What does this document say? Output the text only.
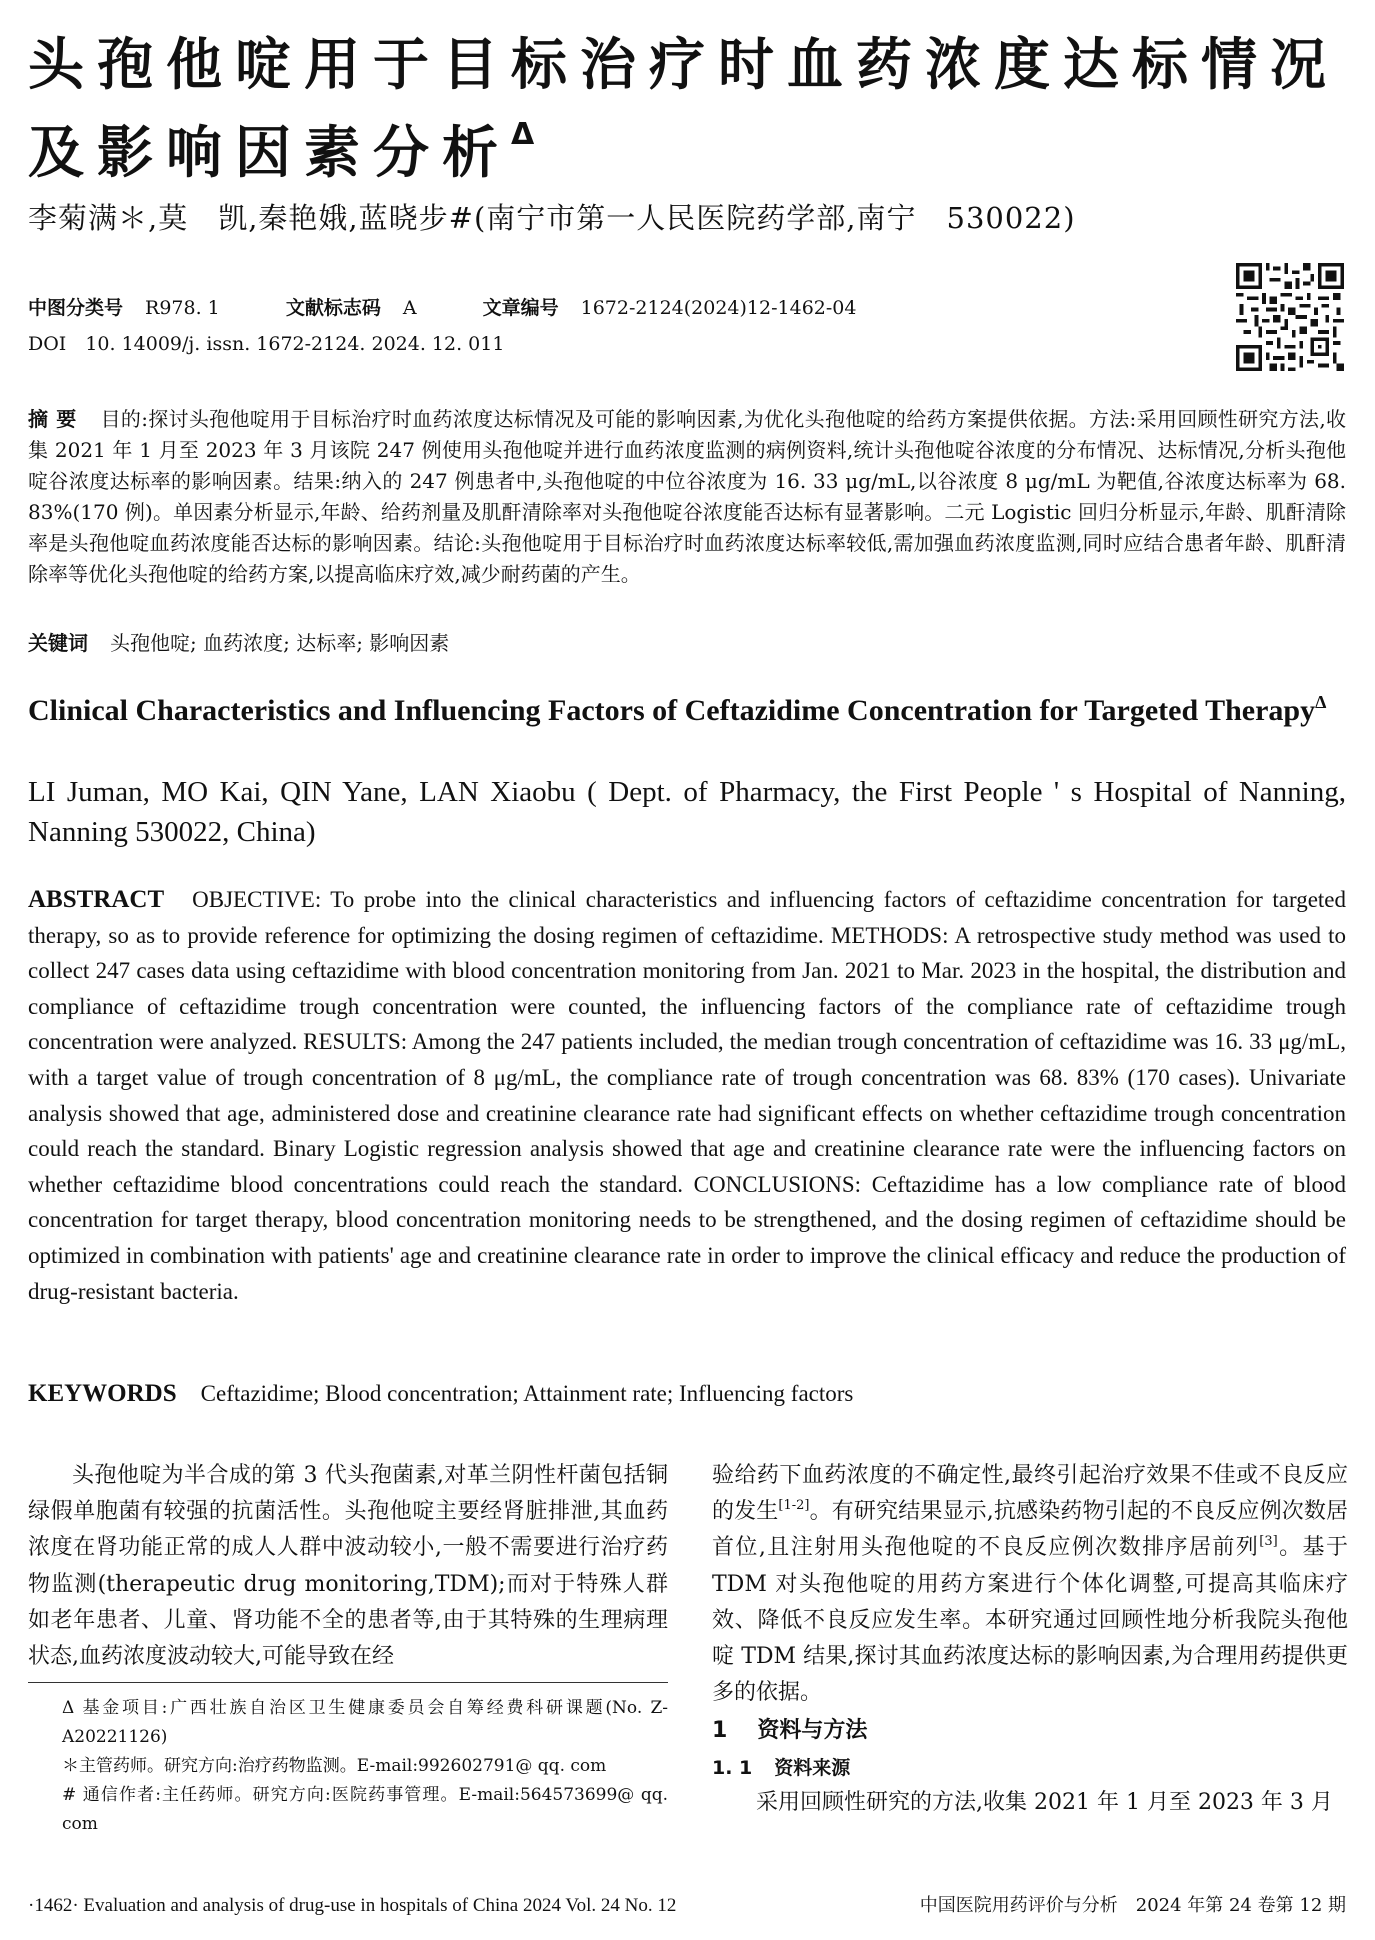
头孢他啶用于目标治疗时血药浓度达标情况
及影响因素分析$^\Delta$
李菊满＊,莫　凯,秦艳娥,蓝晓步#(南宁市第一人民医院药学部,南宁　530022)
中图分类号 R978. 1	文献标志码 A	文章编号 1672-2124(2024)12-1462-04
DOI　10. 14009/j. issn. 1672-2124. 2024. 12. 011

摘要 目的:探讨头孢他啶用于目标治疗时血药浓度达标情况及可能的影响因素,为优化头孢他啶的给药方案提供依据。方法:采用回顾性研究方法,收集 2021 年 1 月至 2023 年 3 月该院 247 例使用头孢他啶并进行血药浓度监测的病例资料,统计头孢他啶谷浓度的分布情况、达标情况,分析头孢他啶谷浓度达标率的影响因素。结果:纳入的 247 例患者中,头孢他啶的中位谷浓度为 16. 33 μg/mL,以谷浓度 8 μg/mL 为靶值,谷浓度达标率为 68. 83%(170 例)。单因素分析显示,年龄、给药剂量及肌酐清除率对头孢他啶谷浓度能否达标有显著影响。二元 Logistic 回归分析显示,年龄、肌酐清除率是头孢他啶血药浓度能否达标的影响因素。结论:头孢他啶用于目标治疗时血药浓度达标率较低,需加强血药浓度监测,同时应结合患者年龄、肌酐清除率等优化头孢他啶的给药方案,以提高临床疗效,减少耐药菌的产生。

关键词 头孢他啶; 血药浓度; 达标率; 影响因素
Clinical Characteristics and Influencing Factors of Ceftazidime Concentration for Targeted Therapy$^\Delta$

LI Juman, MO Kai, QIN Yane, LAN Xiaobu ( Dept. of Pharmacy, the First People ' s Hospital of Nanning, Nanning 530022, China)

ABSTRACT OBJECTIVE: To probe into the clinical characteristics and influencing factors of ceftazidime concentration for targeted therapy, so as to provide reference for optimizing the dosing regimen of ceftazidime. METHODS: A retrospective study method was used to collect 247 cases data using ceftazidime with blood concentration monitoring from Jan. 2021 to Mar. 2023 in the hospital, the distribution and compliance of ceftazidime trough concentration were counted, the influencing factors of the compliance rate of ceftazidime trough concentration were analyzed. RESULTS: Among the 247 patients included, the median trough concentration of ceftazidime was 16. 33 μg/mL, with a target value of trough concentration of 8 μg/mL, the compliance rate of trough concentration was 68. 83% (170 cases). Univariate analysis showed that age, administered dose and creatinine clearance rate had significant effects on whether ceftazidime trough concentration could reach the standard. Binary Logistic regression analysis showed that age and creatinine clearance rate were the influencing factors on whether ceftazidime blood concentrations could reach the standard. CONCLUSIONS: Ceftazidime has a low compliance rate of blood concentration for target therapy, blood concentration monitoring needs to be strengthened, and the dosing regimen of ceftazidime should be optimized in combination with patients' age and creatinine clearance rate in order to improve the clinical efficacy and reduce the production of drug-resistant bacteria.

KEYWORDS Ceftazidime; Blood concentration; Attainment rate; Influencing factors

头孢他啶为半合成的第 3 代头孢菌素,对革兰阴性杆菌包括铜绿假单胞菌有较强的抗菌活性。头孢他啶主要经肾脏排泄,其血药浓度在肾功能正常的成人人群中波动较小,一般不需要进行治疗药物监测(therapeutic drug monitoring,TDM);而对于特殊人群如老年患者、儿童、肾功能不全的患者等,由于其特殊的生理病理状态,血药浓度波动较大,可能导致在经

Δ 基金项目:广西壮族自治区卫生健康委员会自筹经费科研课题(No. Z-A20221126)

＊主管药师。研究方向:治疗药物监测。E-mail:992602791@ qq. com

# 通信作者:主任药师。研究方向:医院药事管理。E-mail:564573699@ qq. com

验给药下血药浓度的不确定性,最终引起治疗效果不佳或不良反应的发生[1-2]。有研究结果显示,抗感染药物引起的不良反应例次数居首位,且注射用头孢他啶的不良反应例次数排序居前列[3]。基于 TDM 对头孢他啶的用药方案进行个体化调整,可提高其临床疗效、降低不良反应发生率。本研究通过回顾性地分析我院头孢他啶 TDM 结果,探讨其血药浓度达标的影响因素,为合理用药提供更多的依据。

1 资料与方法

1. 1 资料来源

采用回顾性研究的方法,收集 2021 年 1 月至 2023 年 3 月

·1462· Evaluation and analysis of drug-use in hospitals of China 2024 Vol. 24 No. 12	中国医院用药评价与分析　2024 年第 24 卷第 12 期
